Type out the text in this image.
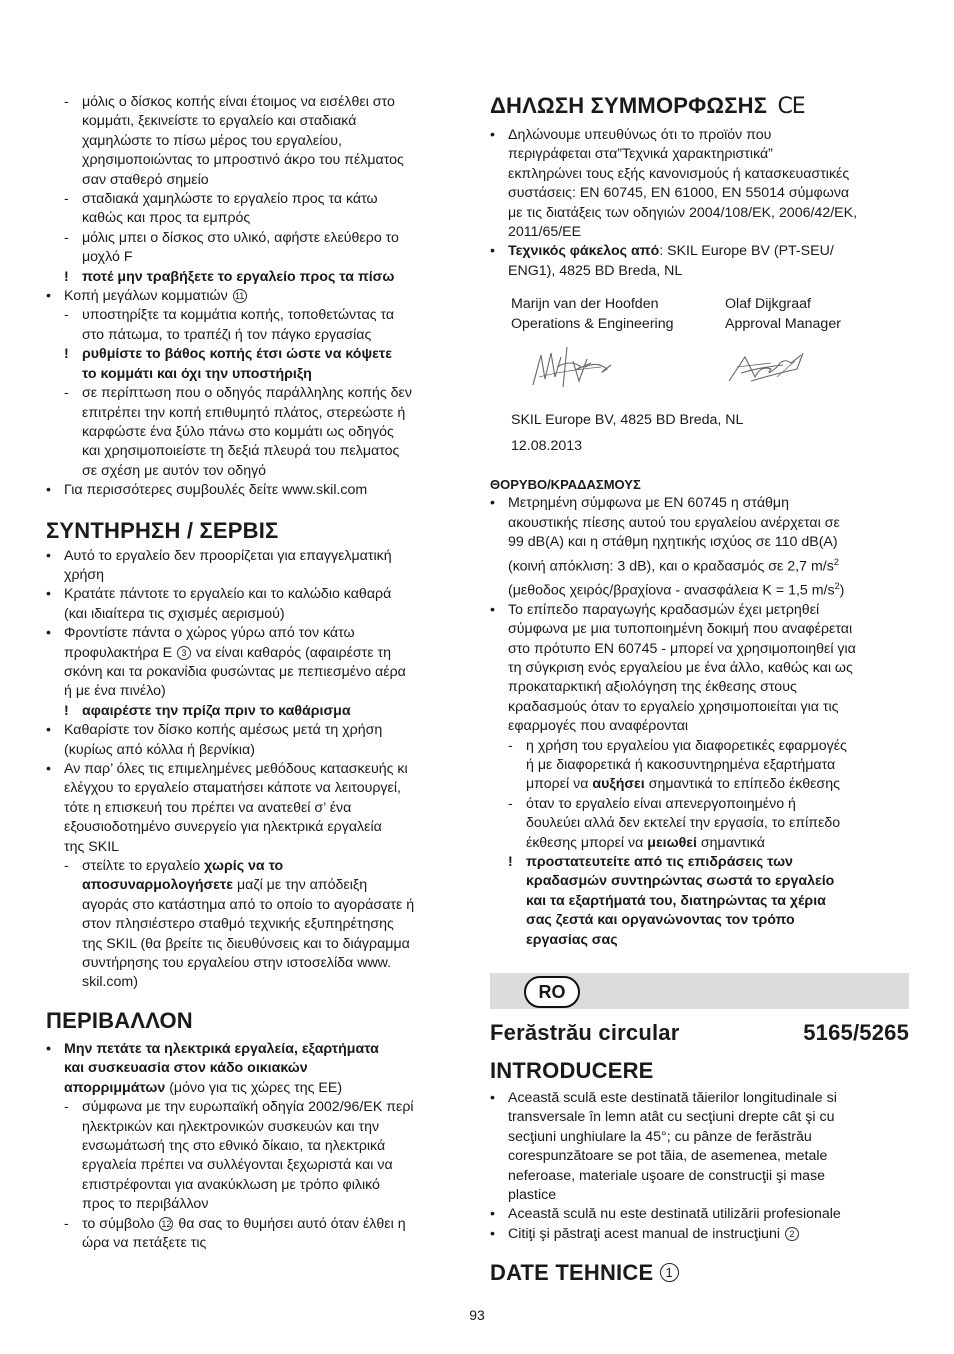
- μόλις ο δίσκος κοπής είναι έτοιμος να εισέλθει στο
κομμάτι, ξεκινείστε το εργαλείο και σταδιακά
χαμηλώστε το πίσω μέρος του εργαλείου,
χρησιμοποιώντας το μπροστινό άκρο του πέλματος
σαν σταθερό σημείο
- σταδιακά χαμηλώστε το εργαλείο προς τα κάτω
καθώς και προς τα εμπρός
- μόλις μπει ο δίσκος στο υλικό, αφήστε ελεύθερο το
μοχλό F
! ποτέ μην τραβήξετε το εργαλείο προς τα πίσω
• Κοπή μεγάλων κομματιών 11
- υποστηρίξτε τα κομμάτια κοπής, τοποθετώντας τα
στο πάτωμα, το τραπέζι ή τον πάγκο εργασίας
! ρυθμίστε το βάθος κοπής έτσι ώστε να κόψετε
το κομμάτι και όχι την υποστήριξη
- σε περίπτωση που ο οδηγός παράλληλης κοπής δεν
επιτρέπει την κοπή επιθυμητό πλάτος, στερεώστε ή
καρφώστε ένα ξύλο πάνω στο κομμάτι ως οδηγός
και χρησιμοποιείστε τη δεξιά πλευρά του πελματος
σε σχέση με αυτόν τον οδηγό
• Για περισσότερες συμβουλές δείτε www.skil.com
ΣΥΝΤΗΡΗΣΗ / ΣΕΡΒΙΣ
• Αυτό το εργαλείο δεν προορίζεται για επαγγελματική
χρήση
• Κρατάτε πάντοτε το εργαλείο και το καλώδιο καθαρά
(και ιδιαίτερα τις σχισμές αερισμού)
• Φροντίστε πάντα ο χώρος γύρω από τον κάτω
προφυλακτήρα E 3 να είναι καθαρός (αφαιρέστε τη
σκόνη και τα ροκανίδια φυσώντας με πεπιεσμένο αέρα
ή με ένα πινέλο)
! αφαιρέστε την πρίζα πριν το καθάρισμα
• Καθαρίστε τον δίσκο κοπής αμέσως μετά τη χρήση
(κυρίως από κόλλα ή βερνίκια)
• Αν παρ’ όλες τις επιμελημένες μεθόδους κατασκευής κι
ελέγχου το εργαλείο σταματήσει κάποτε να λειτουργεί,
τότε η επισκευή του πρέπει να ανατεθεί σ’ ένα
εξουσιοδοτημένο συνεργείο για ηλεκτρικά εργαλεία
της SKIL
- στείλτε το εργαλείο χωρίς να το
αποσυναρμολογήσετε μαζί με την απόδειξη
αγοράς στο κατάστημα από το οποίο το αγοράσατε ή
στον πλησιέστερο σταθμό τεχνικής εξυπηρέτησης
της SKIL (θα βρείτε τις διευθύνσεις και το διάγραμμα
συντήρησης του εργαλείου στην ιστοσελίδα www.
skil.com)
ΠΕΡΙΒΑΛΛΟΝ
• Μην πετάτε τα ηλεκτρικά εργαλεία, εξαρτήματα
και συσκευασία στον κάδο οικιακών
απορριμμάτων (μόνο για τις χώρες της ΕΕ)
- σύμφωνα με την ευρωπαϊκή οδηγία 2002/96/ΕΚ περί
ηλεκτρικών και ηλεκτρονικών συσκευών και την
ενσωμάτωσή της στο εθνικό δίκαιο, τα ηλεκτρικά
εργαλεία πρέπει να συλλέγονται ξεχωριστά και να
επιστρέφονται για ανακύκλωση με τρόπο φιλικό
προς το περιβάλλον
- το σύμβολο 12 θα σας το θυμήσει αυτό όταν έλθει η
ώρα να πετάξετε τις
ΔΗΛΩΣΗ ΣΥΜΜΟΡΦΩΣΗΣ CE
• Δηλώνουμε υπευθύνως ότι το προϊόν που
περιγράφεται στα”Τεχνικά χαρακτηριστικά”
εκπληρώνει τους εξής κανονισμούς ή κατασκευαστικές
συστάσεις: EN 60745, EN 61000, EN 55014 σύμφωνα
με τις διατάξεις των οδηγιών 2004/108/ΕΚ, 2006/42/ΕΚ,
2011/65/ΕΕ
• Τεχνικός φάκελος από: SKIL Europe BV (PT-SEU/
ENG1), 4825 BD Breda, NL
Marijn van der Hoofden
Operations & Engineering
Olaf Dijkgraaf
Approval Manager
SKIL Europe BV, 4825 BD Breda, NL
12.08.2013
ΘΟΡΥΒΟ/ΚΡΑΔΑΣΜΟΥΣ
• Μετρημένη σύμφωνα με EN 60745 η στάθμη
ακουστικής πίεσης αυτού του εργαλείου ανέρχεται σε
99 dB(A) και η στάθμη ηχητικής ισχύος σε 110 dB(A)
(κοινή απόκλιση: 3 dB), και ο κραδασμός σε 2,7 $m/s^2$
(μεθοδος χειρός/βραχίονα - ανασφάλεια K = 1,5 $m/s^2$)
• Το επίπεδο παραγωγής κραδασμών έχει μετρηθεί
σύμφωνα με μια τυποποιημένη δοκιμή που αναφέρεται
στο πρότυπο EN 60745 - μπορεί να χρησιμοποιηθεί για
τη σύγκριση ενός εργαλείου με ένα άλλο, καθώς και ως
προκαταρκτική αξιολόγηση της έκθεσης στους
κραδασμούς όταν το εργαλείο χρησιμοποιείται για τις
εφαρμογές που αναφέρονται
- η χρήση του εργαλείου για διαφορετικές εφαρμογές
ή με διαφορετικά ή κακοσυντηρημένα εξαρτήματα
μπορεί να αυξήσει σημαντικά το επίπεδο έκθεσης
- όταν το εργαλείο είναι απενεργοποιημένο ή
δουλεύει αλλά δεν εκτελεί την εργασία, το επίπεδο
έκθεσης μπορεί να μειωθεί σημαντικά
! προστατευτείτε από τις επιδράσεις των
κραδασμών συντηρώντας σωστά το εργαλείο
και τα εξαρτήματά του, διατηρώντας τα χέρια
σας ζεστά και οργανώνοντας τον τρόπο
εργασίας σας
RO
Ferăstrău circular	5165/5265
INTRODUCERE
• Această sculă este destinată tăierilor longitudinale si
transversale în lemn atât cu secţiuni drepte cât şi cu
secţiuni unghiulare la 45°; cu pânze de ferăstrău
corespunzătoare se pot tăia, de asemenea, metale
neferoase, materiale uşoare de construcţii şi mase
plastice
• Această sculă nu este destinată utilizării profesionale
• Citiţi şi păstraţi acest manual de instrucţiuni 2
DATE TEHNICE 1
93
